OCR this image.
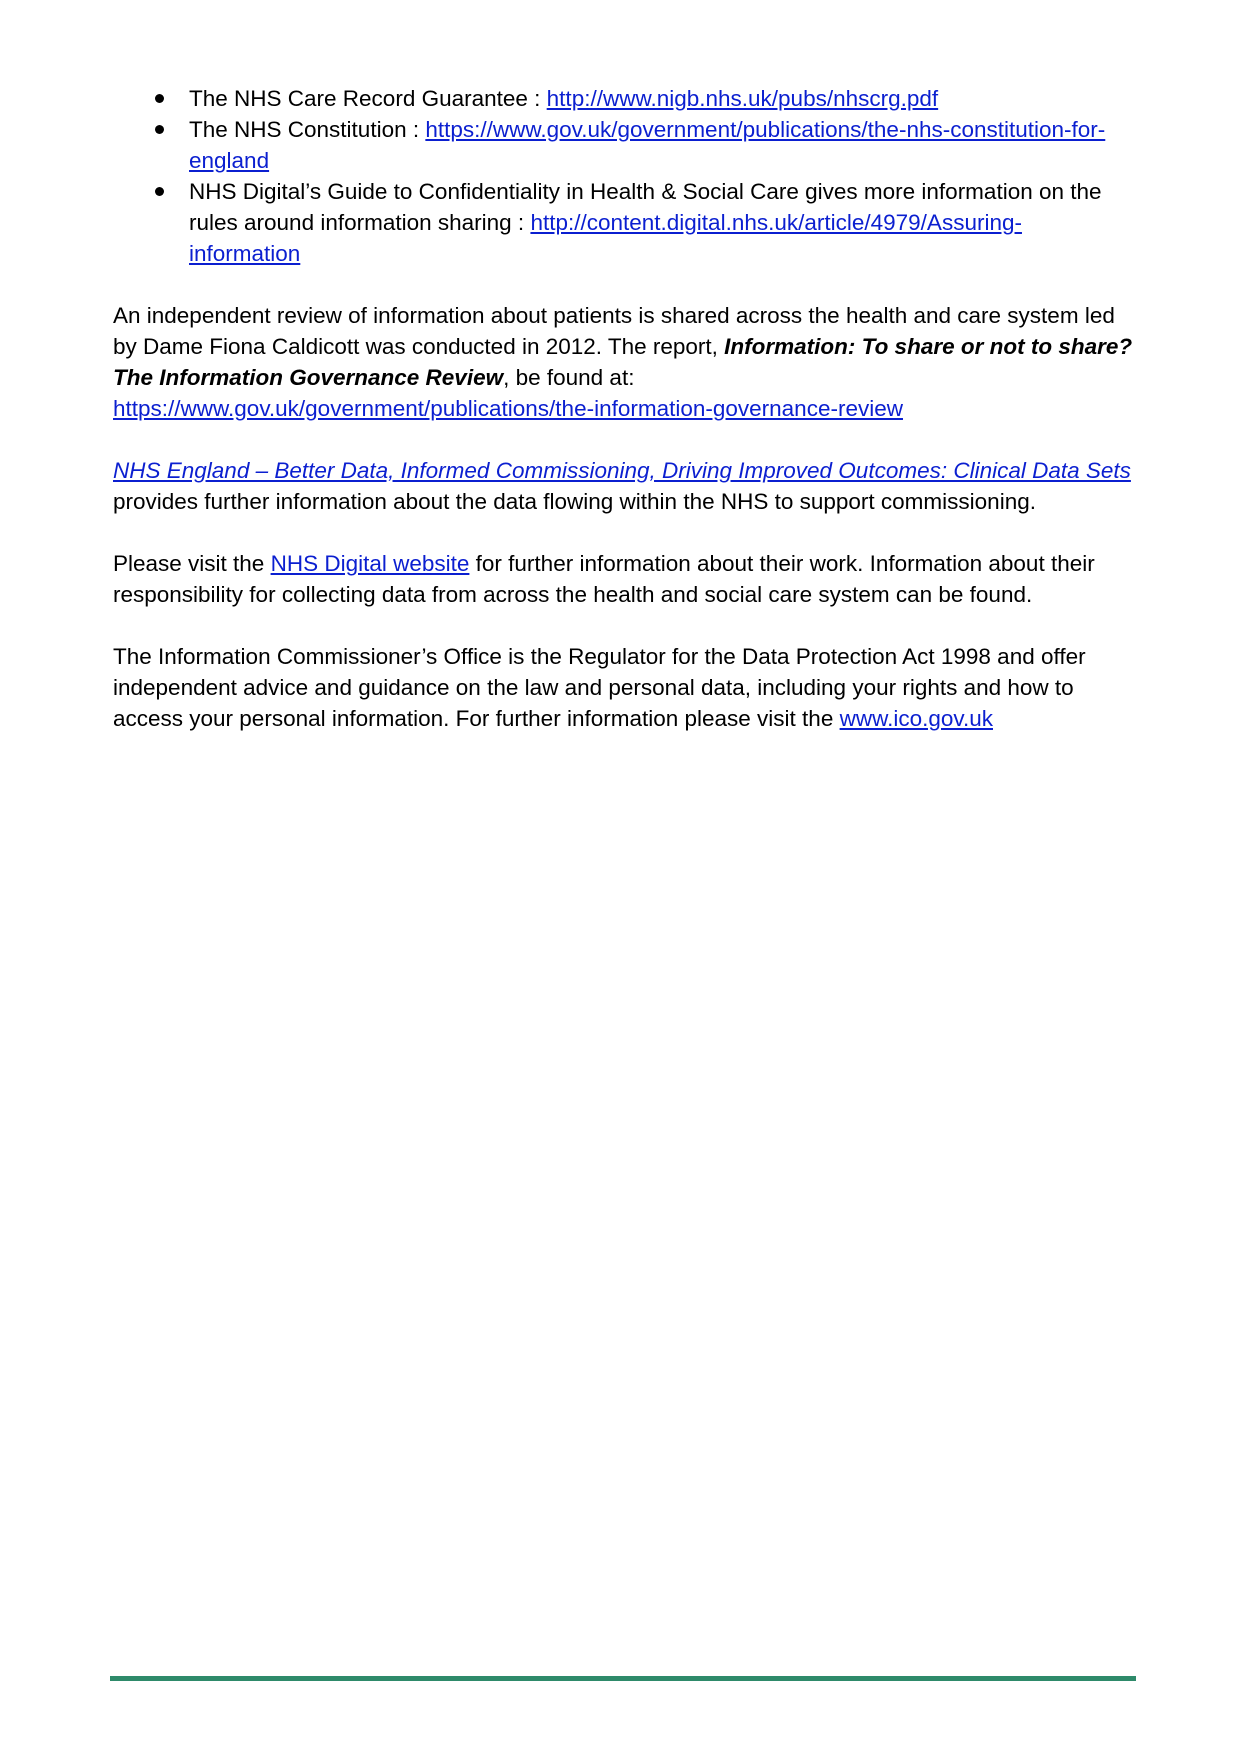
The NHS Care Record Guarantee : http://www.nigb.nhs.uk/pubs/nhscrg.pdf
The NHS Constitution : https://www.gov.uk/government/publications/the-nhs-constitution-for-england
NHS Digital’s Guide to Confidentiality in Health & Social Care gives more information on the rules around information sharing : http://content.digital.nhs.uk/article/4979/Assuring-information

An independent review of information about patients is shared across the health and care system led by Dame Fiona Caldicott was conducted in 2012. The report, Information: To share or not to share? The Information Governance Review, be found at:
https://www.gov.uk/government/publications/the-information-governance-review

NHS England – Better Data, Informed Commissioning, Driving Improved Outcomes: Clinical Data Sets provides further information about the data flowing within the NHS to support commissioning.

Please visit the NHS Digital website for further information about their work. Information about their responsibility for collecting data from across the health and social care system can be found.

The Information Commissioner’s Office is the Regulator for the Data Protection Act 1998 and offer independent advice and guidance on the law and personal data, including your rights and how to access your personal information. For further information please visit the www.ico.gov.uk
